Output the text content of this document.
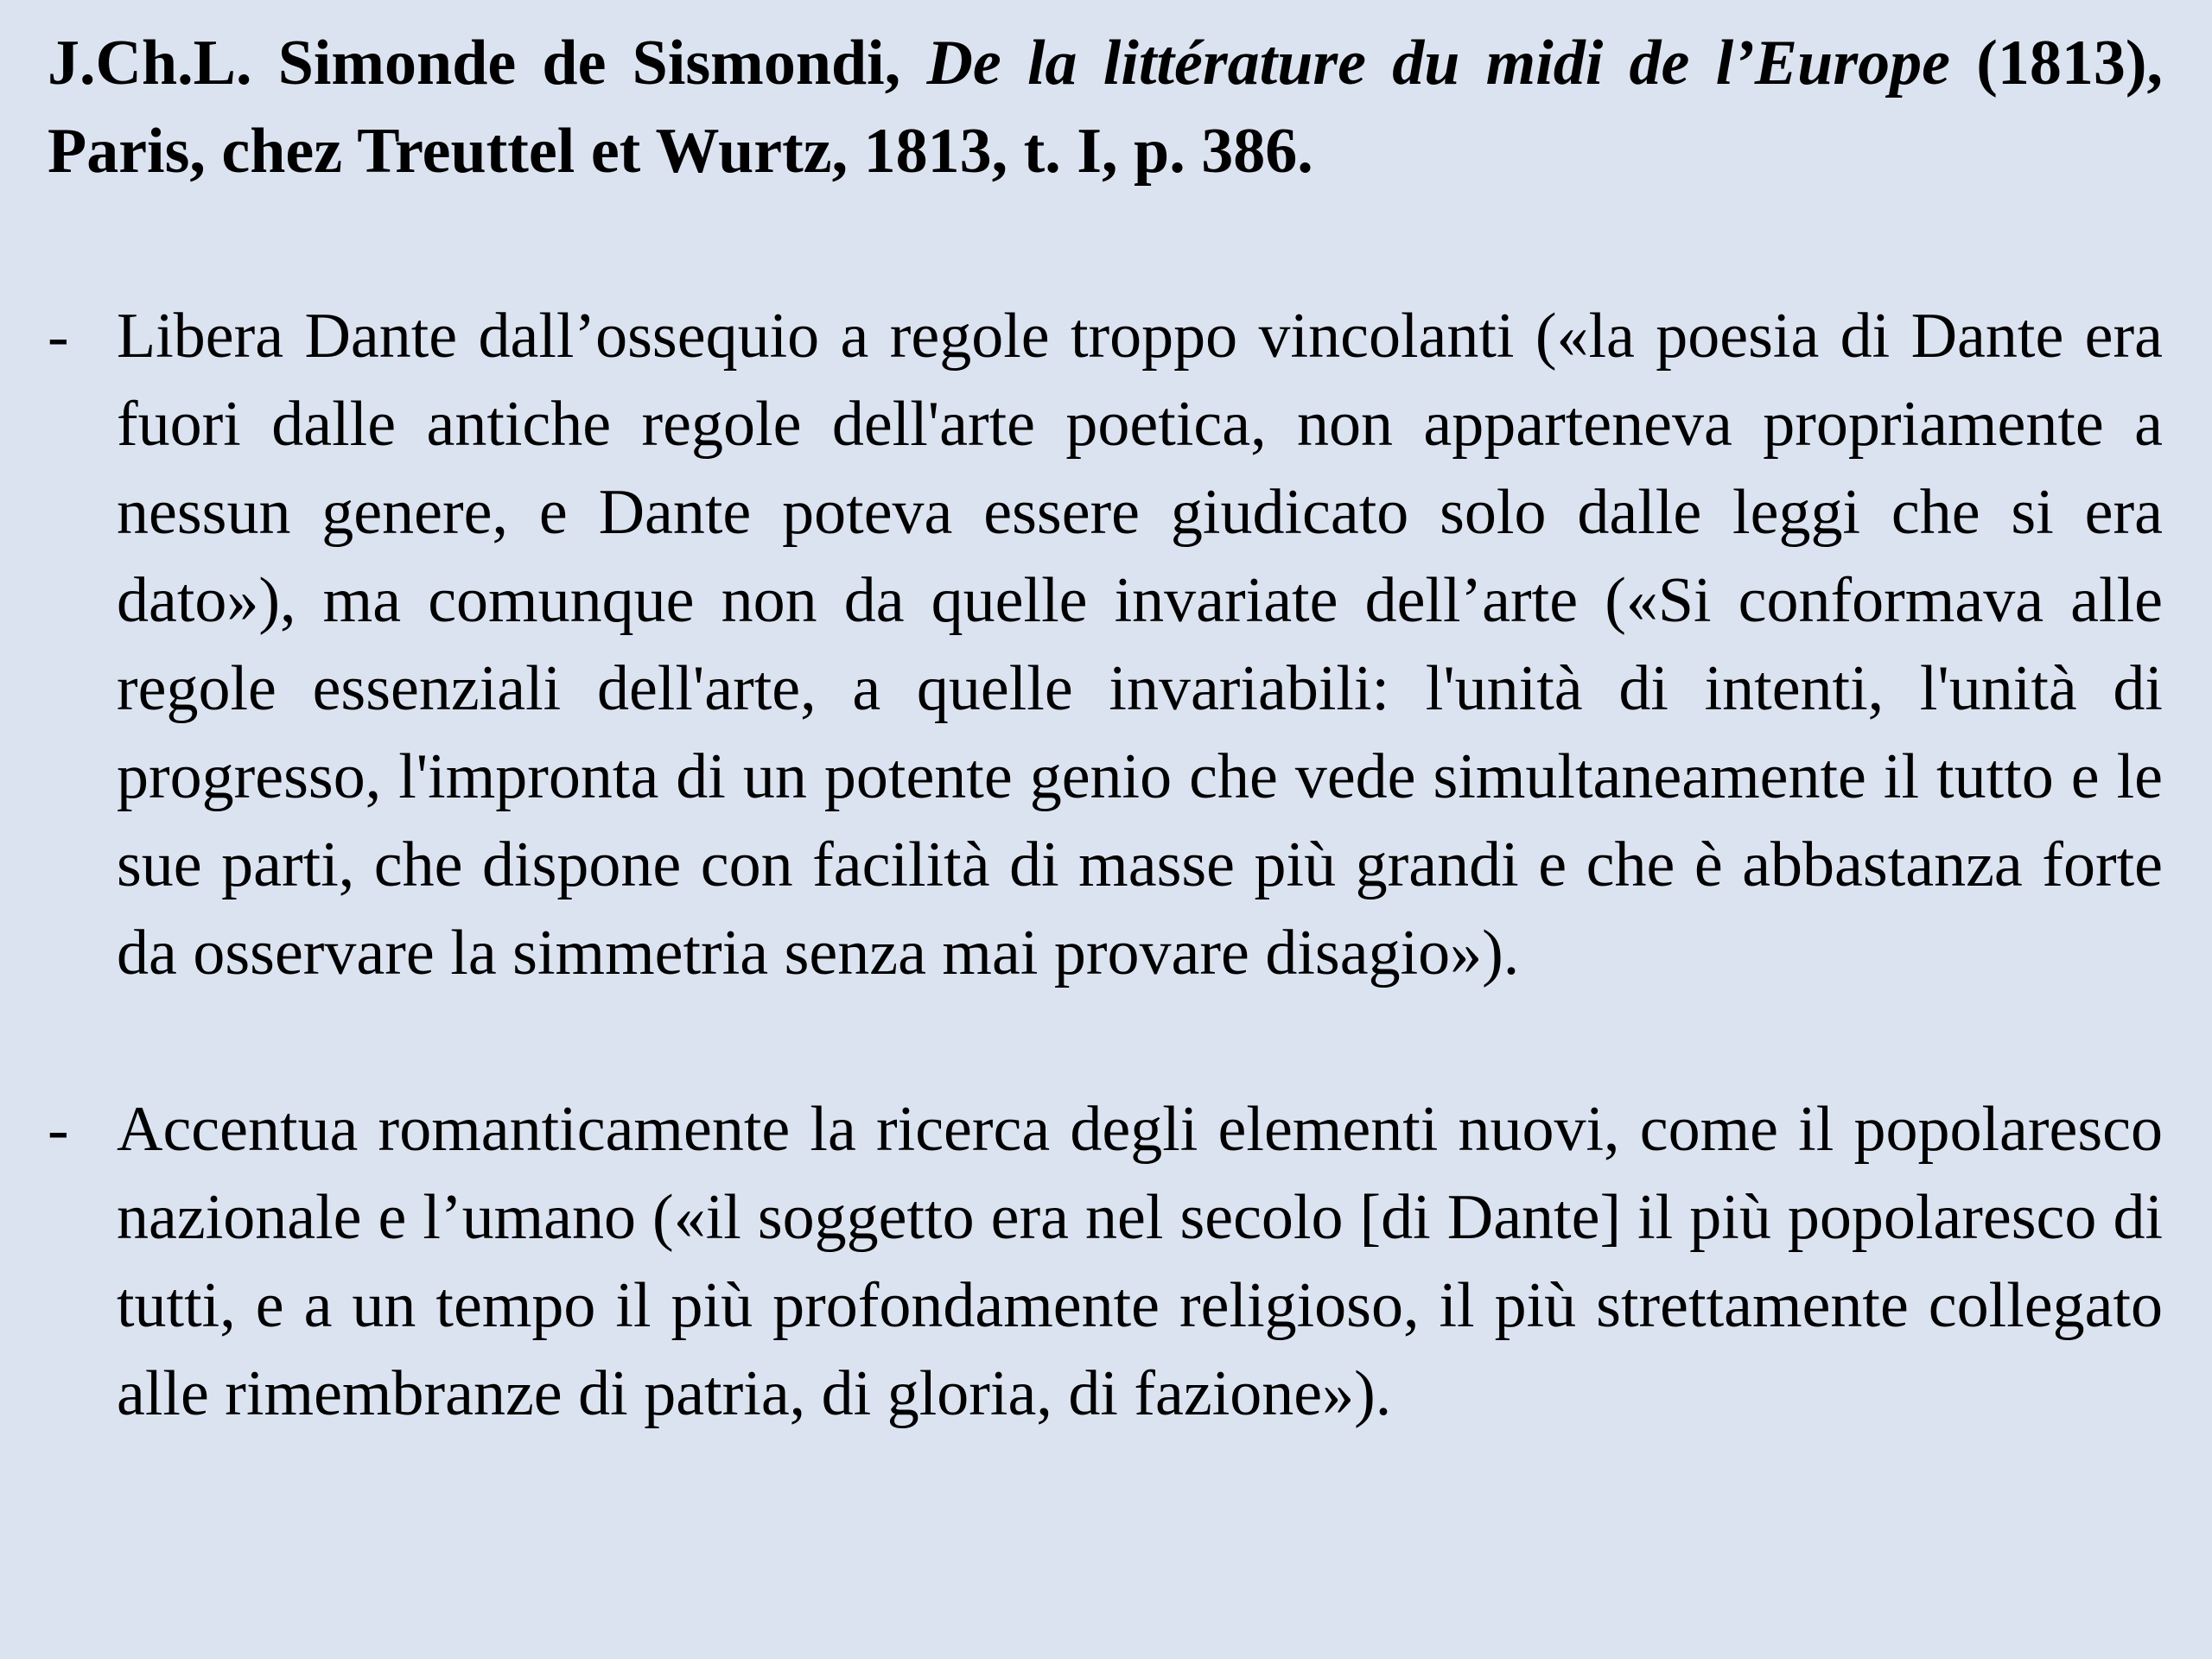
J.Ch.L. Simonde de Sismondi, De la littérature du midi de l’Europe (1813), Paris, chez Treuttel et Wurtz, 1813, t. I, p. 386.

- Libera Dante dall’ossequio a regole troppo vincolanti («la poesia di Dante era fuori dalle antiche regole dell'arte poetica, non apparteneva propriamente a nessun genere, e Dante poteva essere giudicato solo dalle leggi che si era dato»), ma comunque non da quelle invariate dell’arte («Si conformava alle regole essenziali dell'arte, a quelle invariabili: l'unità di intenti, l'unità di progresso, l'impronta di un potente genio che vede simultaneamente il tutto e le sue parti, che dispone con facilità di masse più grandi e che è abbastanza forte da osservare la simmetria senza mai provare disagio»).
- Accentua romanticamente la ricerca degli elementi nuovi, come il popolaresco nazionale e l’umano («il soggetto era nel secolo [di Dante] il più popolaresco di tutti, e a un tempo il più profondamente religioso, il più strettamente collegato alle rimembranze di patria, di gloria, di fazione»).
